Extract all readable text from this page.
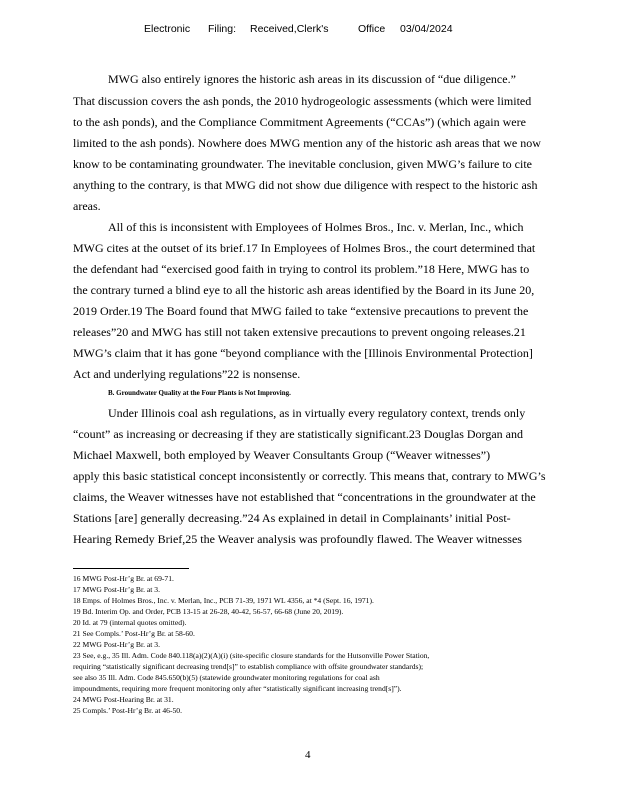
Electronic Filing: Received,Clerk's	Office 03/04/2024
MWG also entirely ignores the historic ash areas in its discussion of “due diligence.”
That discussion covers the ash ponds, the 2010 hydrogeologic assessments (which were limited
to the ash ponds), and the Compliance Commitment Agreements (“CCAs”) (which again were
limited to the ash ponds). Nowhere does MWG mention any of the historic ash areas that we now
know to be contaminating groundwater. The inevitable conclusion, given MWG’s failure to cite
anything to the contrary, is that MWG did not show due diligence with respect to the historic ash
areas.
All of this is inconsistent with Employees of Holmes Bros., Inc. v. Merlan, Inc., which
MWG cites at the outset of its brief.17 In Employees of Holmes Bros., the court determined that
the defendant had “exercised good faith in trying to control its problem.”18 Here, MWG has to
the contrary turned a blind eye to all the historic ash areas identified by the Board in its June 20,
2019 Order.19 The Board found that MWG failed to take “extensive precautions to prevent the
releases”20 and MWG has still not taken extensive precautions to prevent ongoing releases.21
MWG’s claim that it has gone “beyond compliance with the [Illinois Environmental Protection]
Act and underlying regulations”22 is nonsense.
B. Groundwater Quality at the Four Plants is Not Improving.
Under Illinois coal ash regulations, as in virtually every regulatory context, trends only
“count” as increasing or decreasing if they are statistically significant.23 Douglas Dorgan and
Michael Maxwell, both employed by Weaver Consultants Group (“Weaver witnesses”)
apply this basic statistical concept inconsistently or correctly. This means that, contrary to MWG’s
claims, the Weaver witnesses have not established that “concentrations in the groundwater at the
Stations [are] generally decreasing.”24 As explained in detail in Complainants’ initial Post-
Hearing Remedy Brief,25 the Weaver analysis was profoundly flawed. The Weaver witnesses
16 MWG Post-Hr’g Br. at 69-71.
17 MWG Post-Hr’g Br. at 3.
18 Emps. of Holmes Bros., Inc. v. Merlan, Inc., PCB 71-39, 1971 WL 4356, at *4 (Sept. 16, 1971).
19 Bd. Interim Op. and Order, PCB 13-15 at 26-28, 40-42, 56-57, 66-68 (June 20, 2019).
20 Id. at 79 (internal quotes omitted).
21 See Compls.’ Post-Hr’g Br. at 58-60.
22 MWG Post-Hr’g Br. at 3.
23 See, e.g., 35 Ill. Adm. Code 840.118(a)(2)(A)(i) (site-specific closure standards for the Hutsonville Power Station,
requiring “statistically significant decreasing trend[s]” to establish compliance with offsite groundwater standards);
see also 35 Ill. Adm. Code 845.650(b)(5) (statewide groundwater monitoring regulations for coal ash
impoundments, requiring more frequent monitoring only after “statistically significant increasing trend[s]”).
24 MWG Post-Hearing Br. at 31.
25 Compls.’ Post-Hr’g Br. at 46-50.
4
